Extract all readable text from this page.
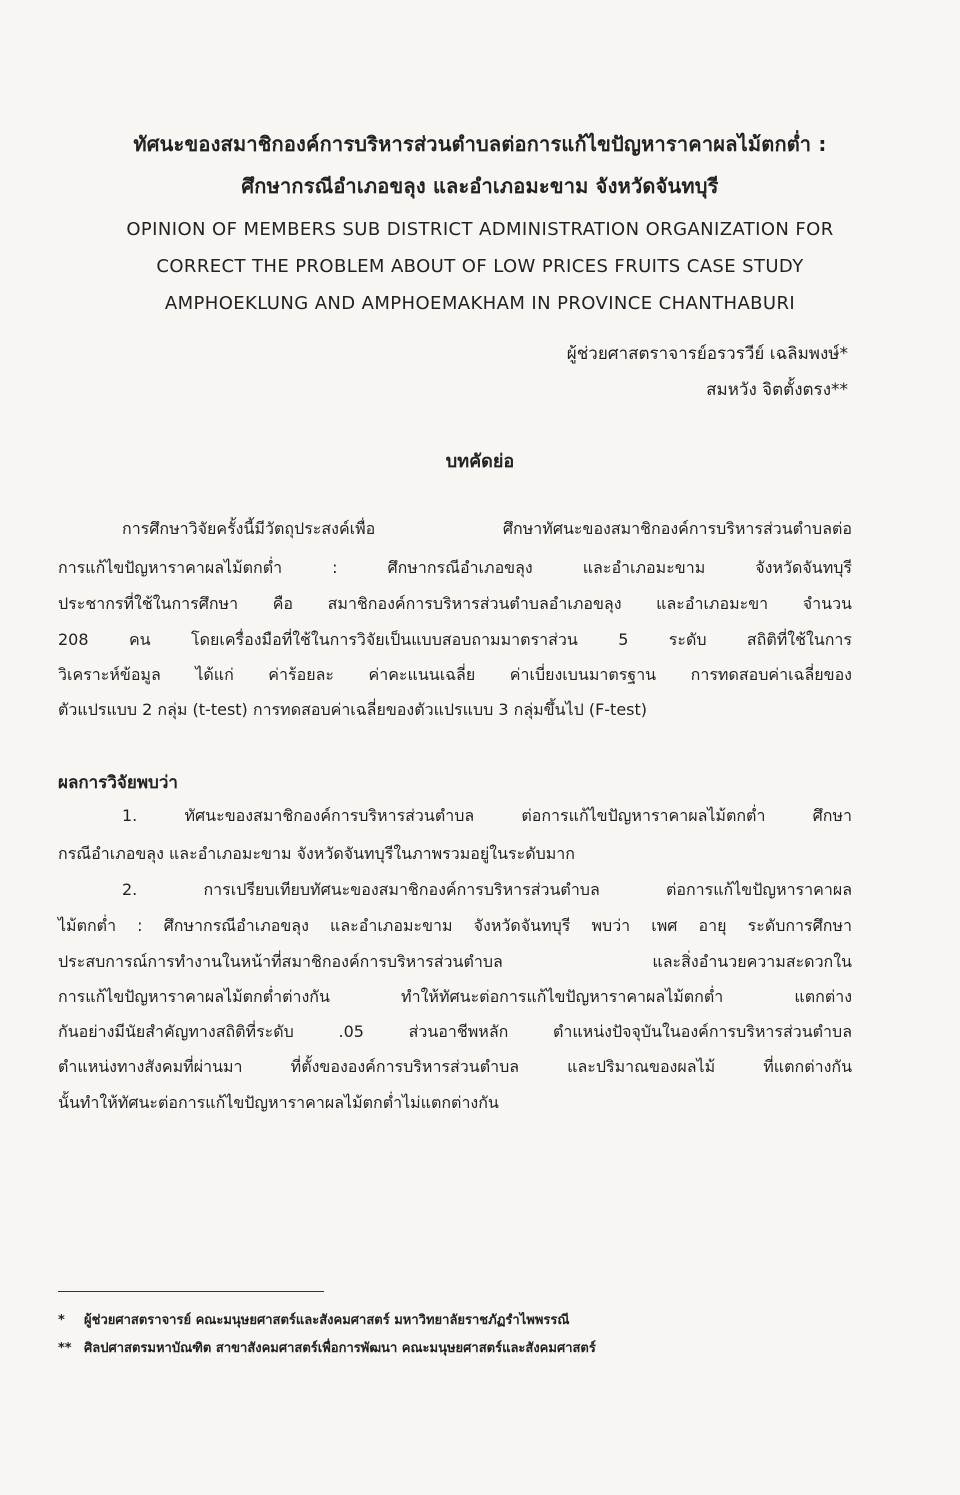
ทัศนะของสมาชิกองค์การบริหารส่วนตำบลต่อการแก้ไขปัญหาราคาผลไม้ตกต่ำ :
ศึกษากรณีอำเภอขลุง และอำเภอมะขาม จังหวัดจันทบุรี
OPINION OF MEMBERS SUB DISTRICT ADMINISTRATION ORGANIZATION FOR
CORRECT THE PROBLEM ABOUT OF LOW PRICES FRUITS CASE STUDY
AMPHOEKLUNG AND AMPHOEMAKHAM IN PROVINCE CHANTHABURI
ผู้ช่วยศาสตราจารย์อรวรวีย์ เฉลิมพงษ์*
สมหวัง จิตตั้งตรง**
บทคัดย่อ
การศึกษาวิจัยครั้งนี้มีวัตถุประสงค์เพื่อ ศึกษาทัศนะของสมาชิกองค์การบริหารส่วนตำบลต่อ
การแก้ไขปัญหาราคาผลไม้ตกต่ำ : ศึกษากรณีอำเภอขลุง และอำเภอมะขาม จังหวัดจันทบุรี
ประชากรที่ใช้ในการศึกษา คือ สมาชิกองค์การบริหารส่วนตำบลอำเภอขลุง และอำเภอมะขา จำนวน
208 คน โดยเครื่องมือที่ใช้ในการวิจัยเป็นแบบสอบถามมาตราส่วน 5 ระดับ สถิติที่ใช้ในการ
วิเคราะห์ข้อมูล ได้แก่ ค่าร้อยละ ค่าคะแนนเฉลี่ย ค่าเบี่ยงเบนมาตรฐาน การทดสอบค่าเฉลี่ยของ
ตัวแปรแบบ 2 กลุ่ม (t-test) การทดสอบค่าเฉลี่ยของตัวแปรแบบ 3 กลุ่มขึ้นไป (F-test)
ผลการวิจัยพบว่า
1. ทัศนะของสมาชิกองค์การบริหารส่วนตำบล ต่อการแก้ไขปัญหาราคาผลไม้ตกต่ำ ศึกษา
กรณีอำเภอขลุง และอำเภอมะขาม จังหวัดจันทบุรีในภาพรวมอยู่ในระดับมาก
2. การเปรียบเทียบทัศนะของสมาชิกองค์การบริหารส่วนตำบล ต่อการแก้ไขปัญหาราคาผล
ไม้ตกต่ำ : ศึกษากรณีอำเภอขลุง และอำเภอมะขาม จังหวัดจันทบุรี พบว่า เพศ อายุ ระดับการศึกษา
ประสบการณ์การทำงานในหน้าที่สมาชิกองค์การบริหารส่วนตำบล และสิ่งอำนวยความสะดวกใน
การแก้ไขปัญหาราคาผลไม้ตกต่ำต่างกัน ทำให้ทัศนะต่อการแก้ไขปัญหาราคาผลไม้ตกต่ำ แตกต่าง
กันอย่างมีนัยสำคัญทางสถิติที่ระดับ .05 ส่วนอาชีพหลัก ตำแหน่งปัจจุบันในองค์การบริหารส่วนตำบล
ตำแหน่งทางสังคมที่ผ่านมา ที่ตั้งขององค์การบริหารส่วนตำบล และปริมาณของผลไม้ ที่แตกต่างกัน
นั้นทำให้ทัศนะต่อการแก้ไขปัญหาราคาผลไม้ตกต่ำไม่แตกต่างกัน
* ผู้ช่วยศาสตราจารย์ คณะมนุษยศาสตร์และสังคมศาสตร์ มหาวิทยาลัยราชภัฏรำไพพรรณี
** ศิลปศาสตรมหาบัณฑิต สาขาสังคมศาสตร์เพื่อการพัฒนา คณะมนุษยศาสตร์และสังคมศาสตร์
